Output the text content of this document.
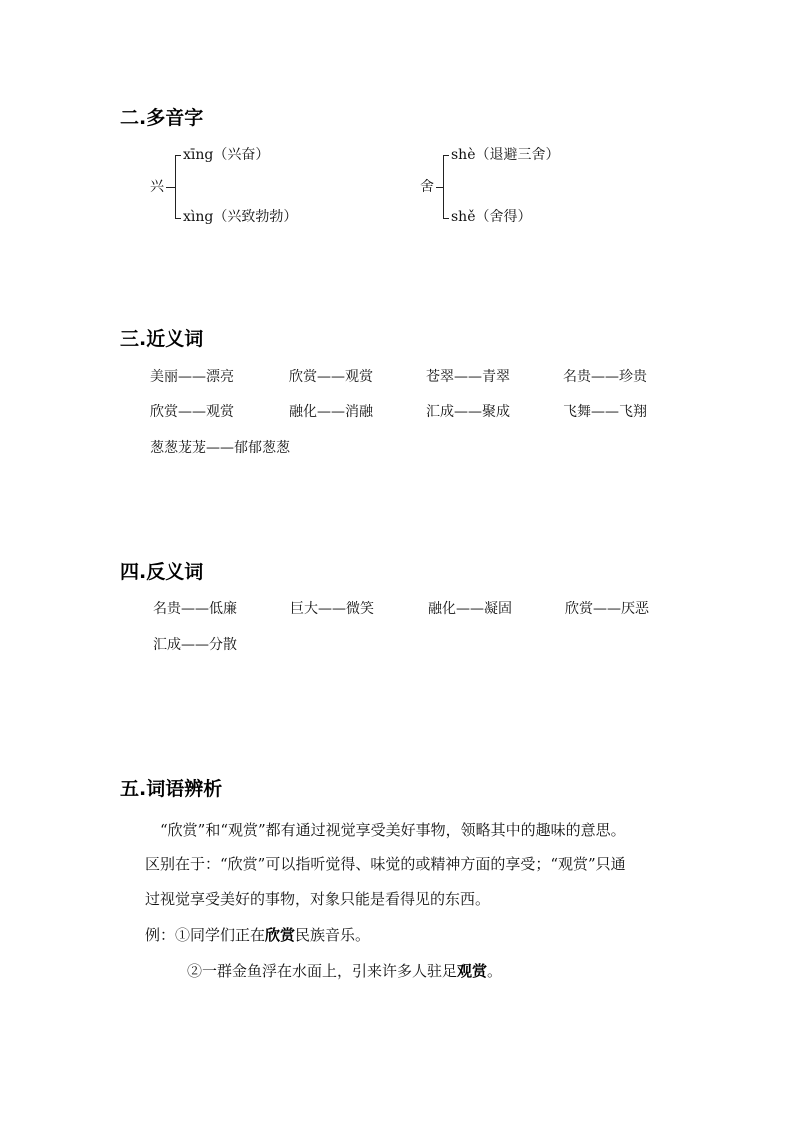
二.多音字
兴
xīng（兴奋）
xìng（兴致勃勃）
舍
shè（退避三舍）
shě（舍得）
三.近义词
美丽——漂亮	欣赏——观赏	苍翠——青翠	名贵——珍贵
欣赏——观赏	融化——消融	汇成——聚成	飞舞——飞翔
葱葱茏茏——郁郁葱葱
四.反义词
名贵——低廉	巨大——微笑	融化——凝固	欣赏——厌恶
汇成——分散
五.词语辨析
“欣赏”和“观赏”都有通过视觉享受美好事物，领略其中的趣味的意思。
区别在于：“欣赏”可以指听觉得、味觉的或精神方面的享受；“观赏”只通
过视觉享受美好的事物，对象只能是看得见的东西。
例：①同学们正在欣赏民族音乐。
②一群金鱼浮在水面上，引来许多人驻足观赏。
